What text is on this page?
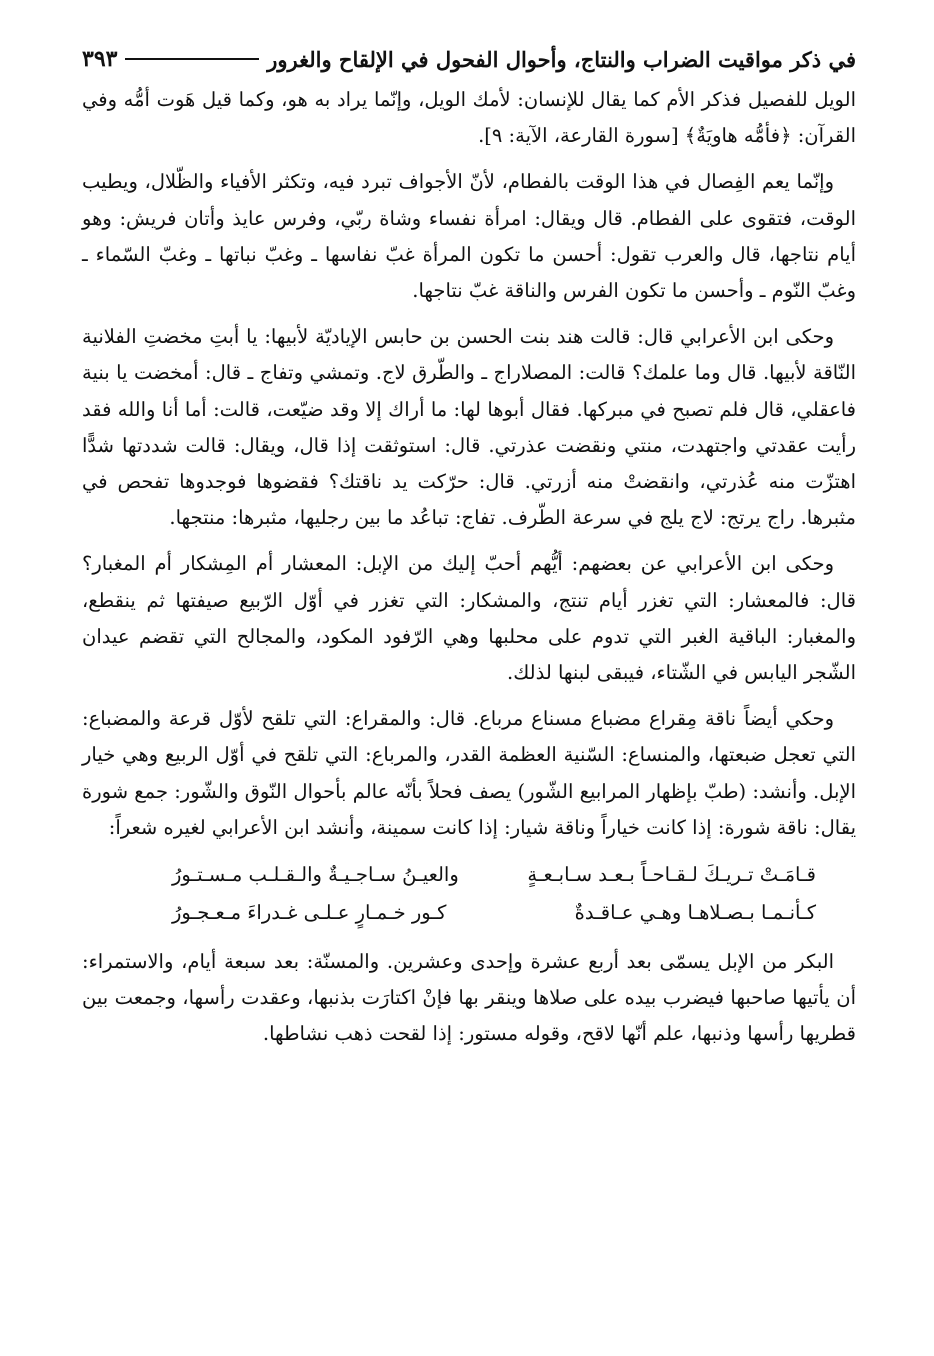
في ذكر مواقيت الضراب والنتاج، وأحوال الفحول في الإلقاح والغرور
٣٩٣

الويل للفصيل فذكر الأم كما يقال للإنسان: لأمك الويل، وإنّما يراد به هو، وكما قيل هَوت أمُّه وفي القرآن: ﴿فأمُّه هاويَةٌ﴾ [سورة القارعة، الآية: ٩].

وإنّما يعم الفِصال في هذا الوقت بالفطام، لأنّ الأجواف تبرد فيه، وتكثر الأفياء والظّلال، ويطيب الوقت، فتقوى على الفطام. قال ويقال: امرأة نفساء وشاة ربّي، وفرس عايذ وأتان فريش: وهو أيام نتاجها، قال والعرب تقول: أحسن ما تكون المرأة غبّ نفاسها ـ وغبّ نباتها ـ وغبّ السّماء ـ وغبّ النّوم ـ وأحسن ما تكون الفرس والناقة غبّ نتاجها.

وحكى ابن الأعرابي قال: قالت هند بنت الحسن بن حابس الإياديّة لأبيها: يا أبتِ مخضتِ الفلانية النّاقة لأبيها. قال وما علمك؟ قالت: المصلاراج ـ والطّرق لاج. وتمشي وتفاج ـ قال: أمخضت يا بنية فاعقلي، قال فلم تصبح في مبركها. فقال أبوها لها: ما أراك إلا وقد ضيّعت، قالت: أما أنا والله فقد رأيت عقدتي واجتهدت، منتي ونقضت عذرتي. قال: استوثقت إذا قال، ويقال: قالت شددتها شدًّا اهتزّت منه عُذرتي، وانقضتْ منه أزرتي. قال: حرّكت يد ناقتك؟ فقضوها فوجدوها تفحص في مثبرها. راج يرتج: لاج يلج في سرعة الطّرف. تفاج: تباعُد ما بين رجليها، مثبرها: منتجها.

وحكى ابن الأعرابي عن بعضهم: أيُّهم أحبّ إليك من الإبل: المعشار أم المِشكار أم المغبار؟ قال: فالمعشار: التي تغزر أيام تنتج، والمشكار: التي تغزر في أوّل الرّبيع صيفتها ثم ينقطع، والمغبار: الباقية الغبر التي تدوم على محلبها وهي الرّفود المكود، والمجالح التي تقضم عيدان الشّجر اليابس في الشّتاء، فيبقى لبنها لذلك.

وحكي أيضاً ناقة مِقراع مضباع مسناع مرباع. قال: والمقراع: التي تلقح لأوّل قرعة والمضباع: التي تعجل ضبعتها، والمنساع: السّنية العظمة القدر، والمرباع: التي تلقح في أوّل الربيع وهي خيار الإبل. وأنشد: (طبّ بإظهار المرابيع الشّور) يصف فحلاً بأنّه عالم بأحوال النّوق والشّور: جمع شورة يقال: ناقة شورة: إذا كانت خياراً وناقة شيار: إذا كانت سمينة، وأنشد ابن الأعرابي لغيره شعراً:

قـامَـتْ تـريـكَ لـقـاحـاً بـعـد سـابـعـةٍ
والعيـنُ سـاجـيـةٌ والـقـلـب مـسـتـورُ
كـأنـمـا بـصـلاهـا وهـي عـاقـدةٌ
كـور خـمـارٍ عـلـى غـدراءَ مـعـجـورُ

البكر من الإبل يسمّى بعد أربع عشرة وإحدى وعشرين. والمسنّة: بعد سبعة أيام، والاستمراء: أن يأتيها صاحبها فيضرب بيده على صلاها وينقر بها فإنْ اكتارَت بذنبها، وعقدت رأسها، وجمعت بين قطريها رأسها وذنبها، علم أنّها لاقح، وقوله مستور: إذا لقحت ذهب نشاطها.
